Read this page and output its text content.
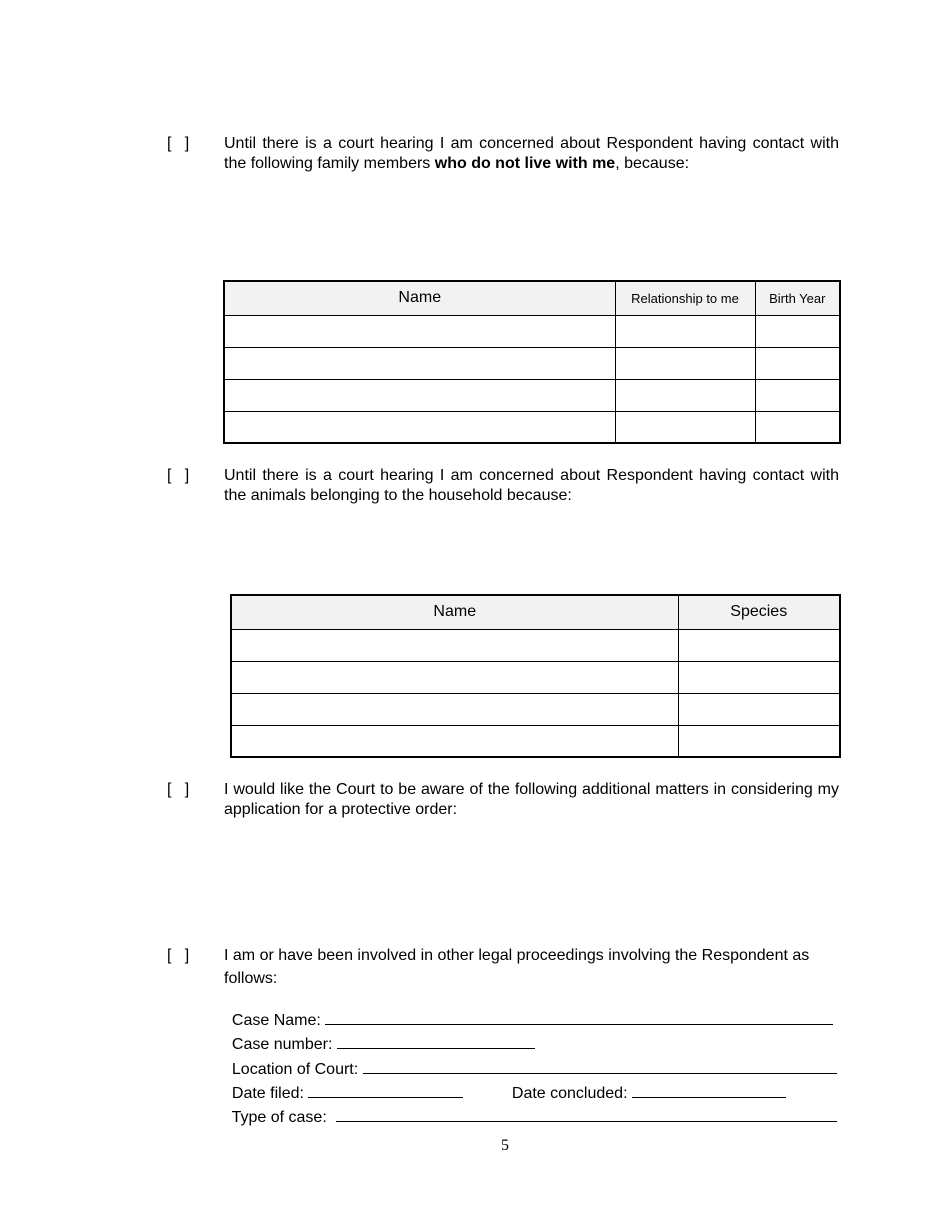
[   ] Until there is a court hearing I am concerned about Respondent having contact with the following family members who do not live with me, because:
Name	Relationship to me	Birth Year

[   ] Until there is a court hearing I am concerned about Respondent having contact with the animals belonging to the household because:
Name	Species

[   ] I would like the Court to be aware of the following additional matters in considering my application for a protective order:
[   ] I am or have been involved in other legal proceedings involving the Respondent as follows:

Case Name:

Case number:

Location of Court:

Date filed:	Date concluded:

Type of case:

5
